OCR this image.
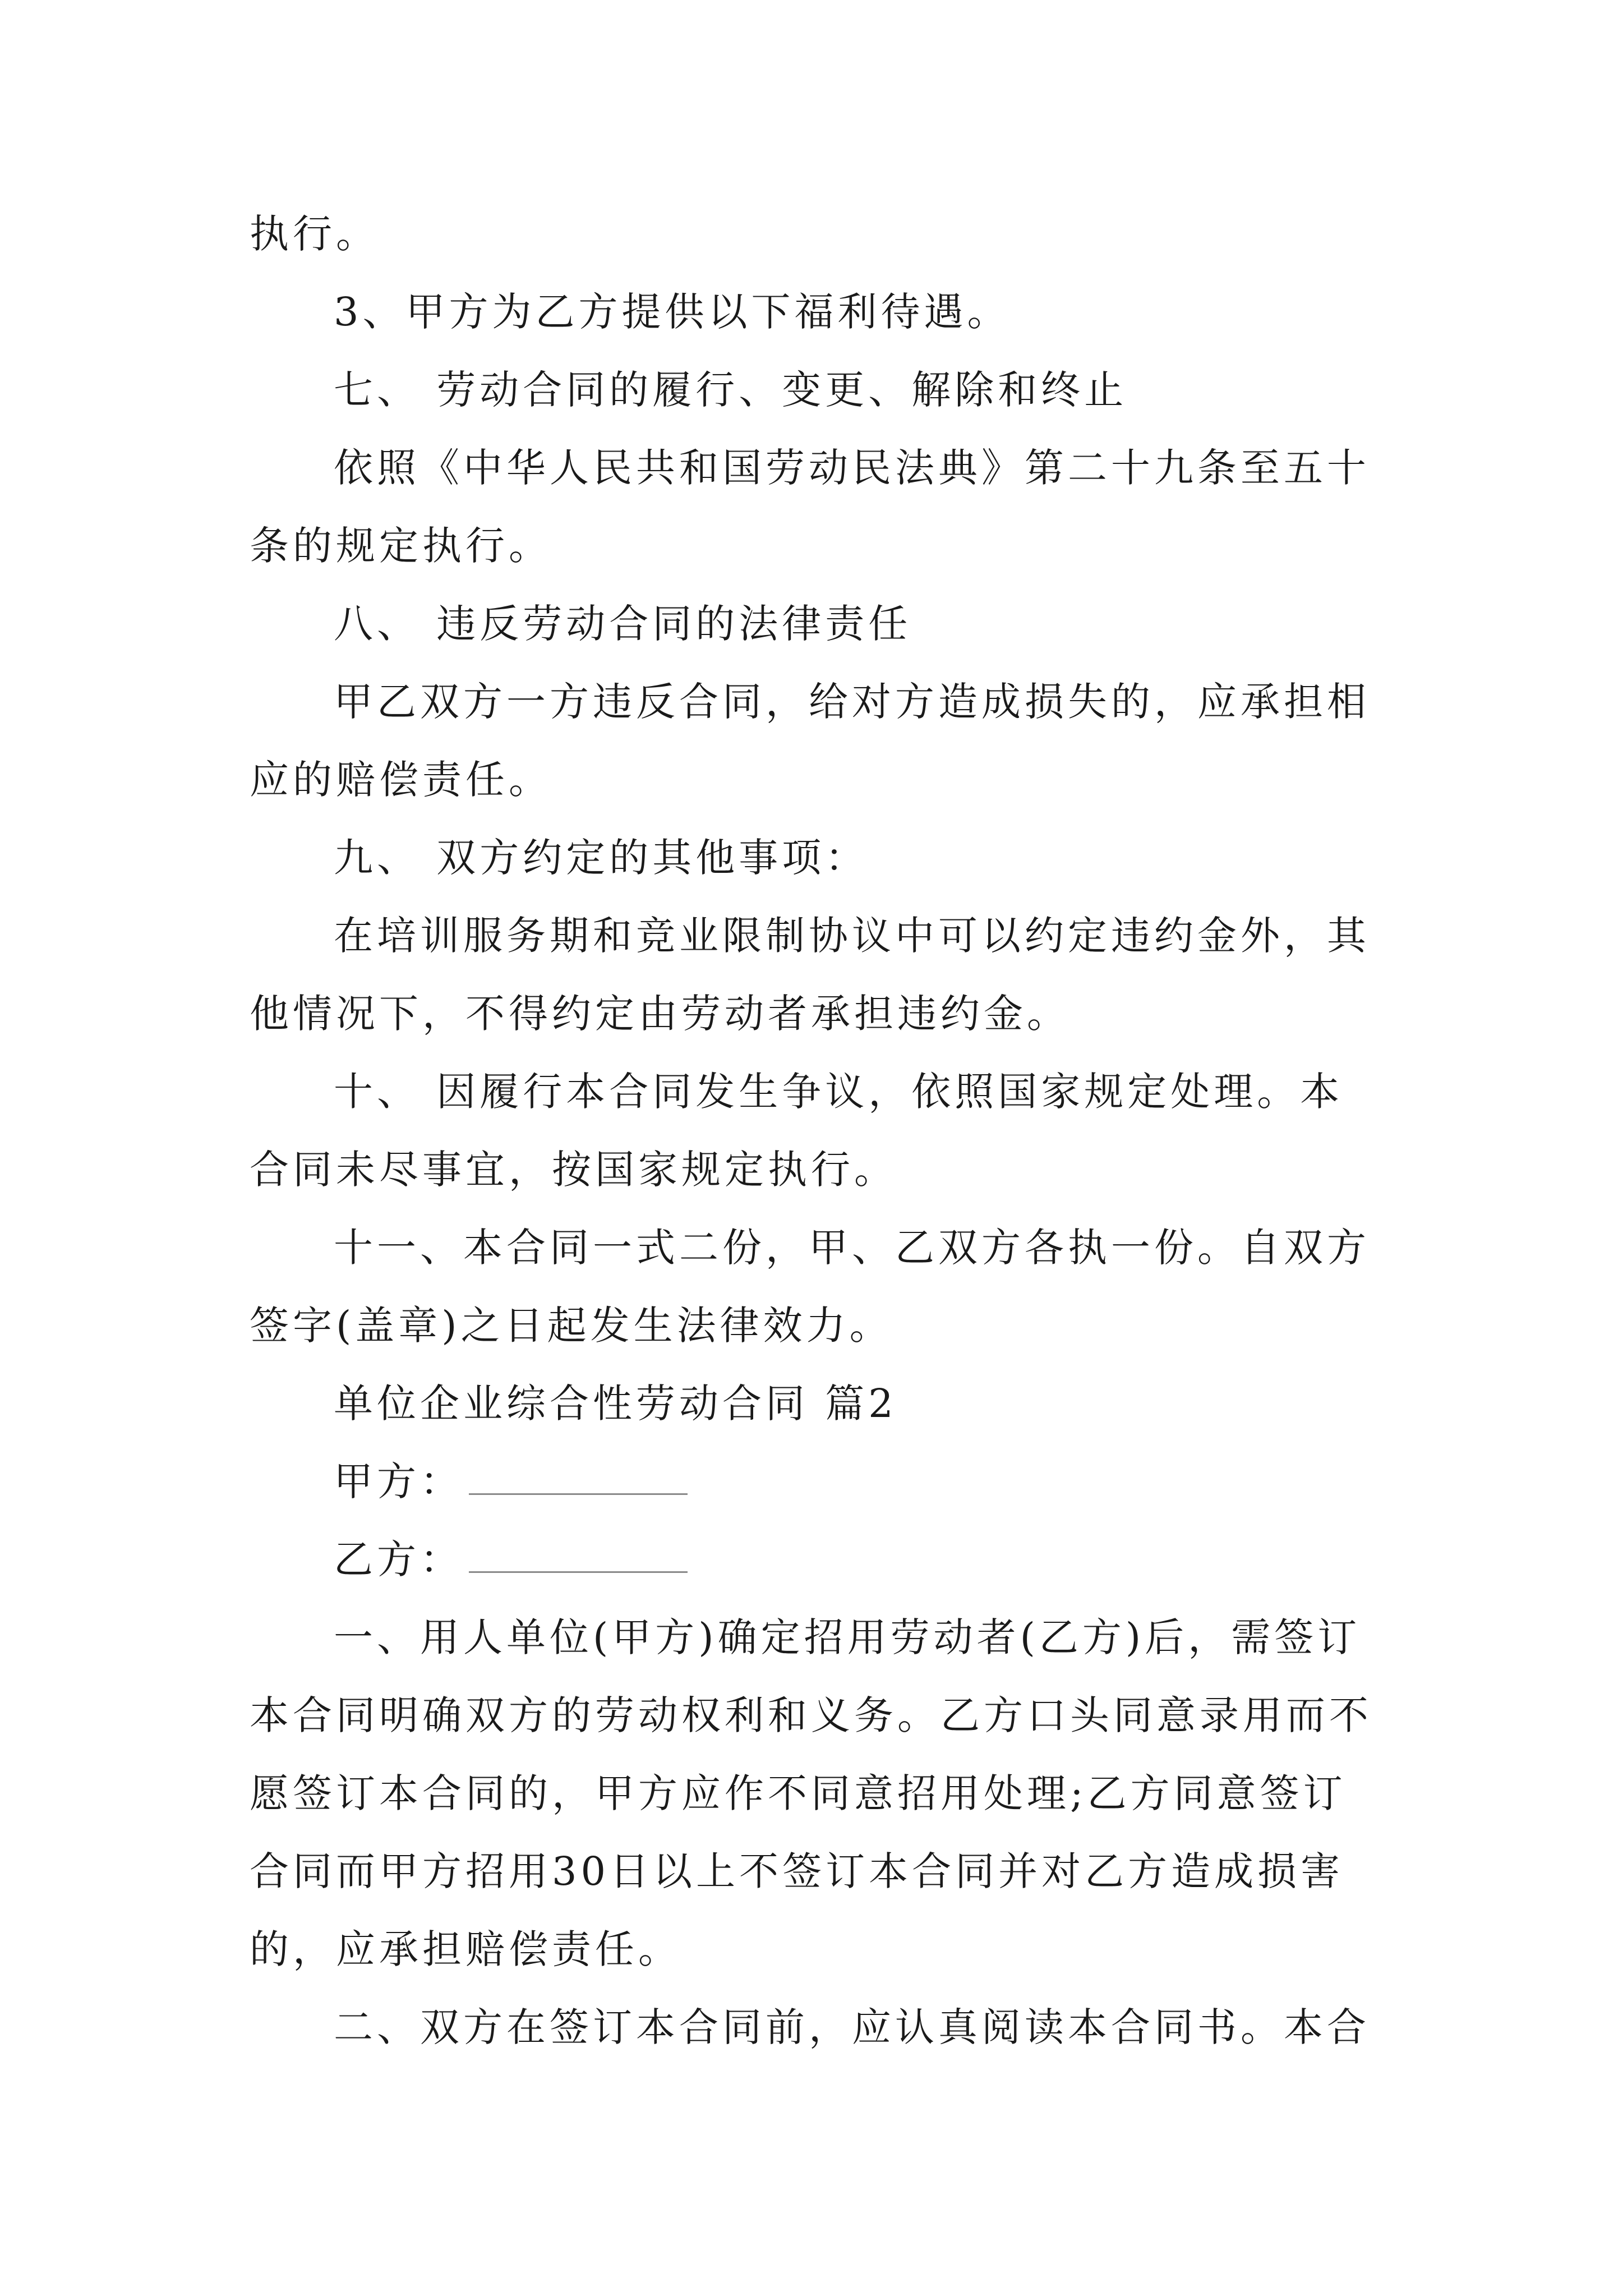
执行。
3、甲方为乙方提供以下福利待遇。
七、 劳动合同的履行、变更、解除和终止
依照《中华人民共和国劳动民法典》第二十九条至五十
条的规定执行。
八、 违反劳动合同的法律责任
甲乙双方一方违反合同，给对方造成损失的，应承担相
应的赔偿责任。
九、 双方约定的其他事项：
在培训服务期和竞业限制协议中可以约定违约金外，其
他情况下，不得约定由劳动者承担违约金。
十、 因履行本合同发生争议，依照国家规定处理。本
合同未尽事宜，按国家规定执行。
十一、本合同一式二份，甲、乙双方各执一份。自双方
签字(盖章)之日起发生法律效力。
单位企业综合性劳动合同 篇2
甲方：
乙方：
一、用人单位(甲方)确定招用劳动者(乙方)后，需签订
本合同明确双方的劳动权利和义务。乙方口头同意录用而不
愿签订本合同的，甲方应作不同意招用处理;乙方同意签订
合同而甲方招用30日以上不签订本合同并对乙方造成损害
的，应承担赔偿责任。
二、双方在签订本合同前，应认真阅读本合同书。本合
